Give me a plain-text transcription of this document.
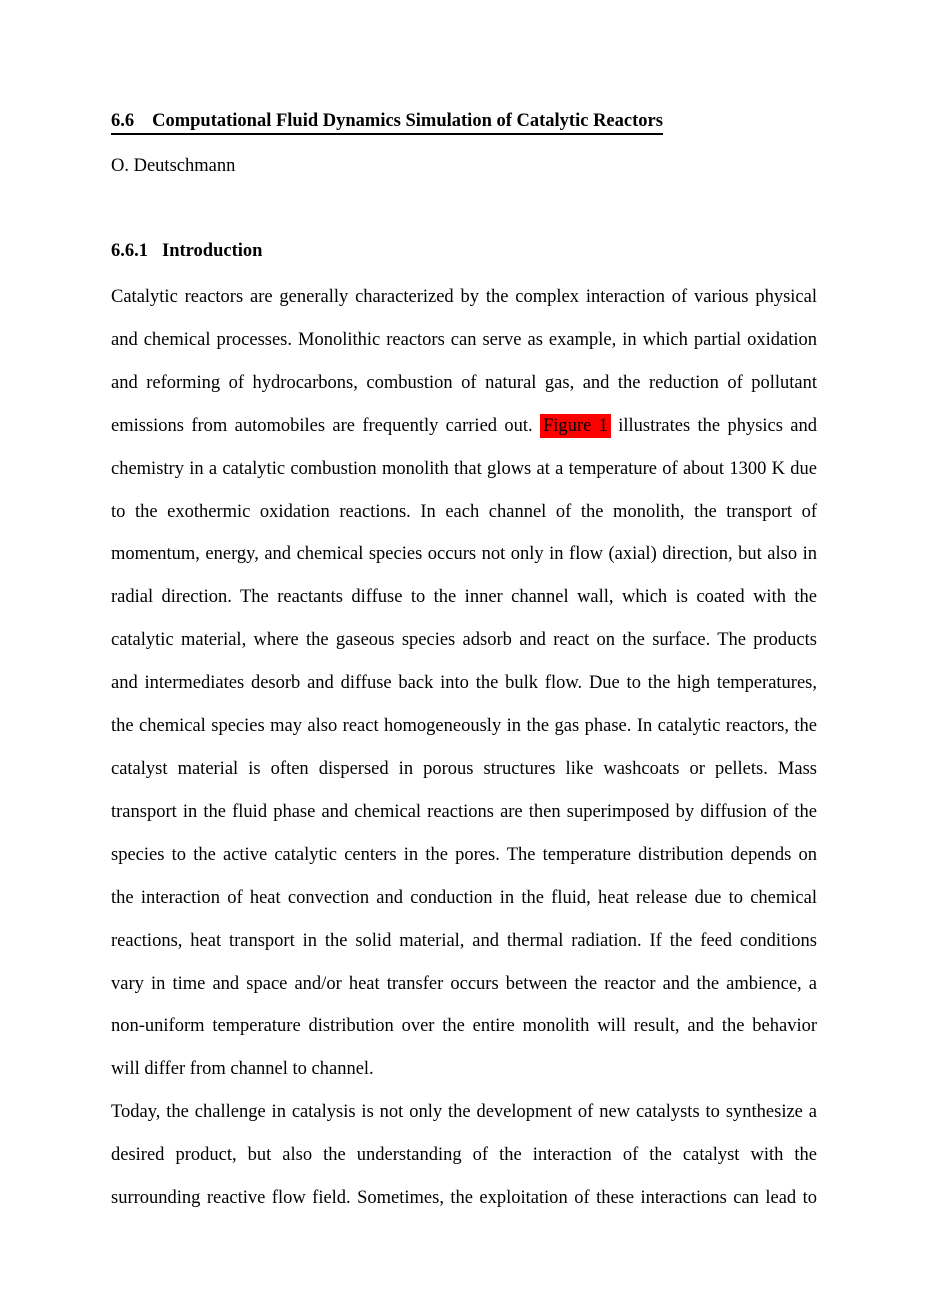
6.6 Computational Fluid Dynamics Simulation of Catalytic Reactors
O. Deutschmann
6.6.1 Introduction
Catalytic reactors are generally characterized by the complex interaction of various physical
and chemical processes. Monolithic reactors can serve as example, in which partial oxidation
and reforming of hydrocarbons, combustion of natural gas, and the reduction of pollutant
emissions from automobiles are frequently carried out. Figure 1 illustrates the physics and
chemistry in a catalytic combustion monolith that glows at a temperature of about 1300 K due
to the exothermic oxidation reactions. In each channel of the monolith, the transport of
momentum, energy, and chemical species occurs not only in flow (axial) direction, but also in
radial direction. The reactants diffuse to the inner channel wall, which is coated with the
catalytic material, where the gaseous species adsorb and react on the surface. The products
and intermediates desorb and diffuse back into the bulk flow. Due to the high temperatures,
the chemical species may also react homogeneously in the gas phase. In catalytic reactors, the
catalyst material is often dispersed in porous structures like washcoats or pellets. Mass
transport in the fluid phase and chemical reactions are then superimposed by diffusion of the
species to the active catalytic centers in the pores. The temperature distribution depends on
the interaction of heat convection and conduction in the fluid, heat release due to chemical
reactions, heat transport in the solid material, and thermal radiation. If the feed conditions
vary in time and space and/or heat transfer occurs between the reactor and the ambience, a
non-uniform temperature distribution over the entire monolith will result, and the behavior
will differ from channel to channel.
Today, the challenge in catalysis is not only the development of new catalysts to synthesize a
desired product, but also the understanding of the interaction of the catalyst with the
surrounding reactive flow field. Sometimes, the exploitation of these interactions can lead to
